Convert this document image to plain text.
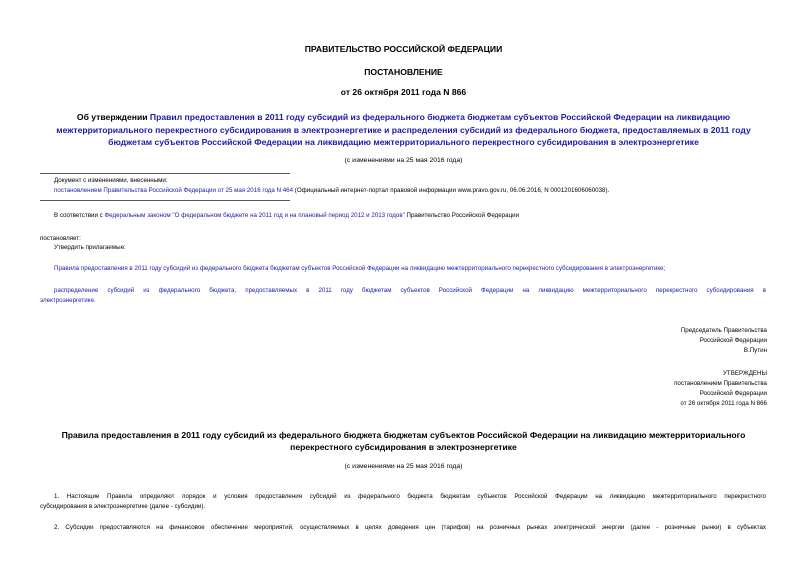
ПРАВИТЕЛЬСТВО РОССИЙСКОЙ ФЕДЕРАЦИИ
ПОСТАНОВЛЕНИЕ
от 26 октября 2011 года N 866
Об утверждении Правил предоставления в 2011 году субсидий из федерального бюджета бюджетам субъектов Российской Федерации на ликвидацию
межтерриториального перекрестного субсидирования в электроэнергетике и распределения субсидий из федерального бюджета, предоставляемых в 2011 году
бюджетам субъектов Российской Федерации на ликвидацию межтерриториального перекрестного субсидирования в электроэнергетике
(с изменениями на 25 мая 2016 года)
Документ с изменениями, внесенными:
постановлением Правительства Российской Федерации от 25 мая 2016 года N 464 (Официальный интернет-портал правовой информации www.pravo.gov.ru, 06.06.2016, N 0001201606060038).
В соответствии с Федеральным законом "О федеральном бюджете на 2011 год и на плановый период 2012 и 2013 годов" Правительство Российской Федерации
постановляет:
Утвердить прилагаемые:
Правила предоставления в 2011 году субсидий из федерального бюджета бюджетам субъектов Российской Федерации на ликвидацию межтерриториального перекрестного субсидирования в электроэнергетике;
распределение субсидий из федерального бюджета, предоставляемых в 2011 году бюджетам субъектов Российской Федерации на ликвидацию межтерриториального перекрестного субсидирования в
электроэнергетике.
Председатель Правительства
Российской Федерации
В.Путин
УТВЕРЖДЕНЫ
постановлением Правительства
Российской Федерации
от 26 октября 2011 года N 866
Правила предоставления в 2011 году субсидий из федерального бюджета бюджетам субъектов Российской Федерации на ликвидацию межтерриториального
перекрестного субсидирования в электроэнергетике
(с изменениями на 25 мая 2016 года)
1. Настоящие Правила определяют порядок и условия предоставления субсидий из федерального бюджета бюджетам субъектов Российской Федерации на ликвидацию межтерриториального перекрестного
субсидирования в электроэнергетике (далее - субсидии).
2. Субсидии предоставляются на финансовое обеспечение мероприятий, осуществляемых в целях доведения цен (тарифов) на розничных рынках электрической энергии (далее - розничные рынки) в субъектах
